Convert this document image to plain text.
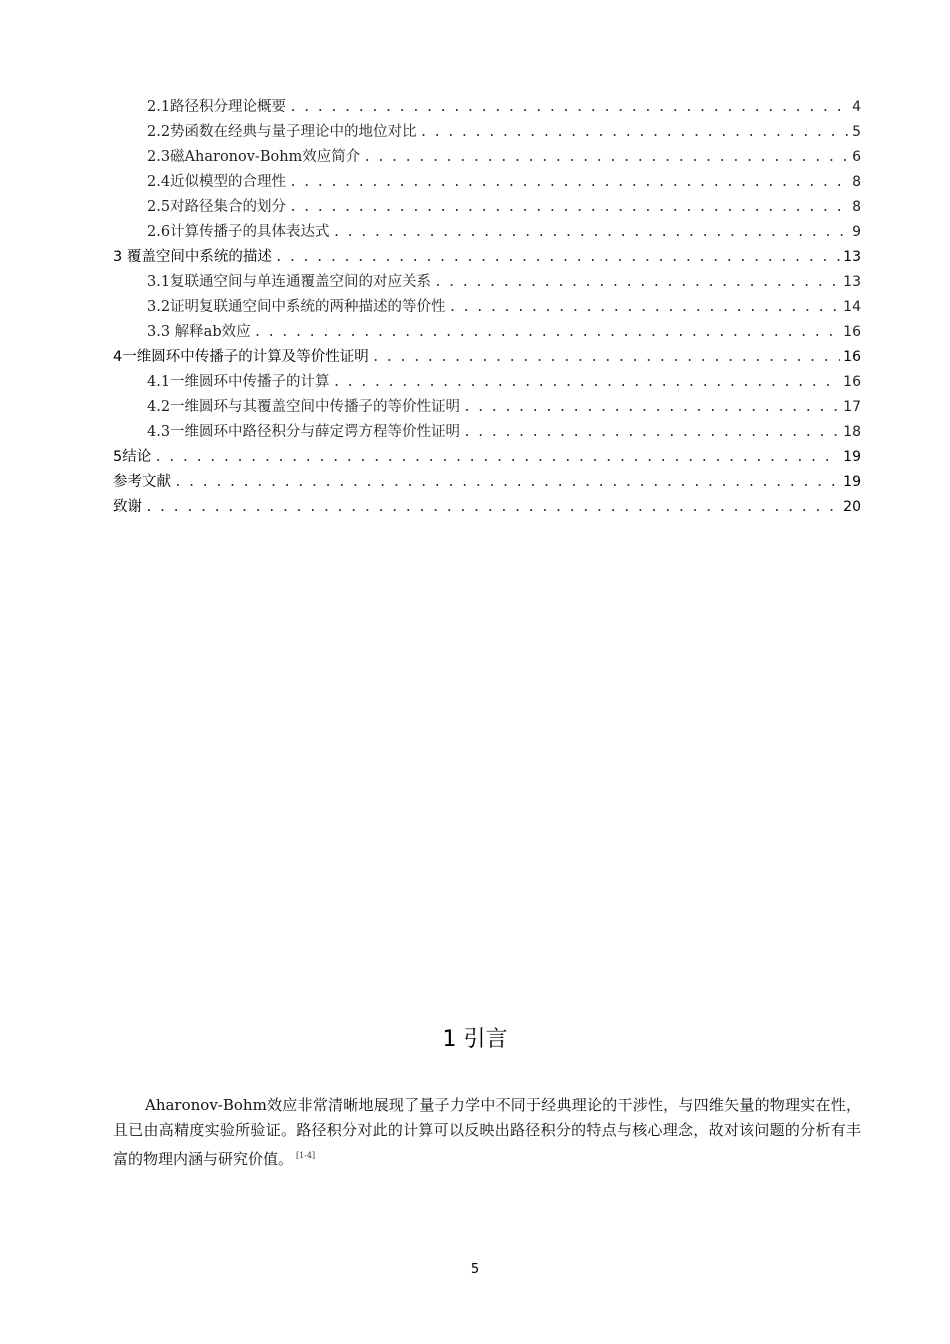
2.1路径积分理论概要 . . .	4
2.2势函数在经典与量子理论中的地位对比 . . .	5
2.3磁Aharonov-Bohm效应简介 . . .	6
2.4近似模型的合理性 . . .	8
2.5对路径集合的划分 . . .	8
2.6计算传播子的具体表达式 . . .	9
3 覆盖空间中系统的描述 . . .	13
3.1复联通空间与单连通覆盖空间的对应关系 . . .	13
3.2证明复联通空间中系统的两种描述的等价性 . . .	14
3.3 解释ab效应 . . .	16
4一维圆环中传播子的计算及等价性证明 . . .	16
4.1一维圆环中传播子的计算 . . .	16
4.2一维圆环与其覆盖空间中传播子的等价性证明 . . .	17
4.3一维圆环中路径积分与薛定谔方程等价性证明 . . .	18
5结论 . . .	19
参考文献 . . .	19
致谢 . . .	20
1 引言

Aharonov-Bohm效应非常清晰地展现了量子力学中不同于经典理论的干涉性，与四维矢量的物理实在性，且已由高精度实验所验证。路径积分对此的计算可以反映出路径积分的特点与核心理念，故对该问题的分析有丰富的物理内涵与研究价值。 [1-4]

5
